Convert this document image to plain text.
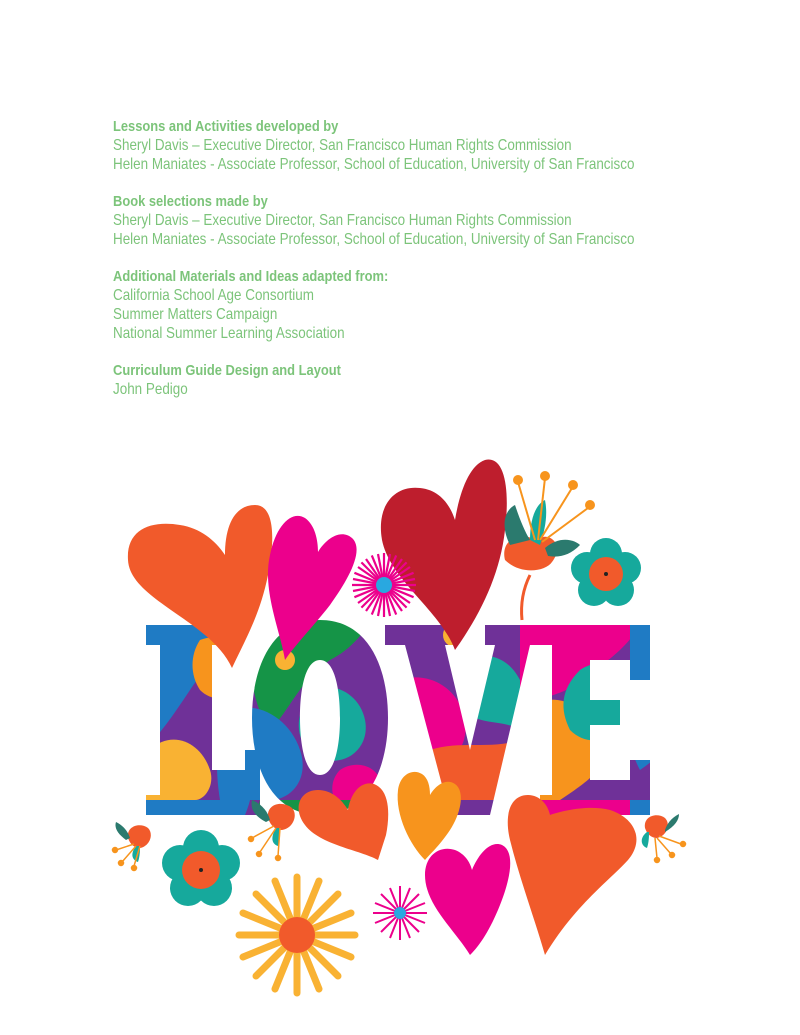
Lessons and Activities developed by
Sheryl Davis – Executive Director, San Francisco Human Rights Commission
Helen Maniates - Associate Professor, School of Education, University of San Francisco
Book selections made by
Sheryl Davis – Executive Director, San Francisco Human Rights Commission
Helen Maniates - Associate Professor, School of Education, University of San Francisco
Additional Materials and Ideas adapted from:
California School Age Consortium
Summer Matters Campaign
National Summer Learning Association
Curriculum Guide Design and Layout
John Pedigo
